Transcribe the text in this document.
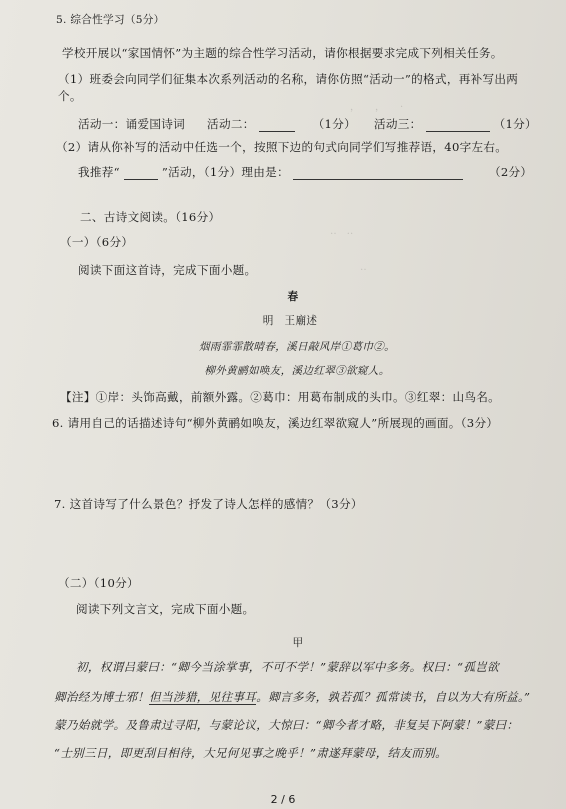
，　　，　　·
‥　‥
‥
5. 综合性学习（5分）
学校开展以“家国情怀”为主题的综合性学习活动，请你根据要求完成下列相关任务。
（1）班委会向同学们征集本次系列活动的名称，请你仿照“活动一”的格式，再补写出两
个。
活动一：诵爱国诗词 活动二：	（1分） 活动三：	（1分）
（2）请从你补写的活动中任选一个，按照下边的句式向同学们写推荐语，40字左右。
我推荐“	”活动，（1分）理由是：	（2分）
二、古诗文阅读。（16分）
（一）（6分）
阅读下面这首诗，完成下面小题。
春
明　王廟述
烟雨霏霏散晴春，溪日敲风岸①葛巾②。
柳外黄鹂如唤友，溪边红翠③欲窥人。
【注】①岸：头饰高戴，前额外露。②葛巾：用葛布制成的头巾。③红翠：山鸟名。
6. 请用自己的话描述诗句“柳外黄鹂如唤友，溪边红翠欲窥人”所展现的画面。（3分）
7. 这首诗写了什么景色？抒发了诗人怎样的感情？（3分）
（二）（10分）
阅读下列文言文，完成下面小题。
甲
初，权谓吕蒙曰：“卿今当涂掌事，不可不学！”蒙辞以军中多务。权曰：“孤岂欲
卿治经为博士邪！但当涉猎，见往事耳。卿言多务，孰若孤？孤常读书，自以为大有所益。”
蒙乃始就学。及鲁肃过寻阳，与蒙论议，大惊曰：“卿今者才略，非复吴下阿蒙！”蒙曰：
“士别三日，即更刮目相待，大兄何见事之晚乎！”肃遂拜蒙母，结友而别。
2 / 6
